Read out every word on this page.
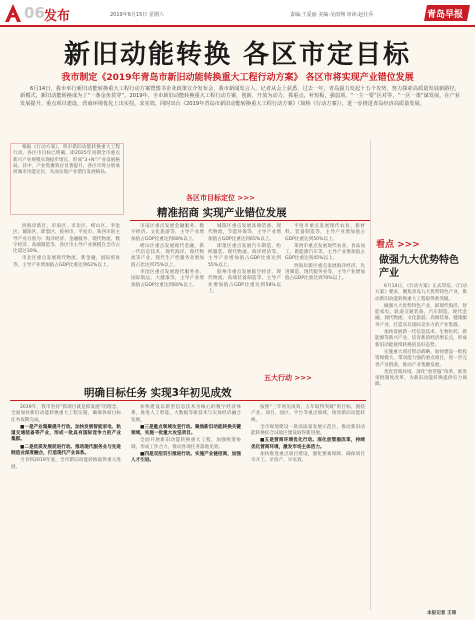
06 发布	2019年6月15日 星期六	责编:王爱丽 美编:吴雨翔 审读:赵仕乔	青岛早报
新旧动能转换 各区市定目标
我市制定《2019年青岛市新旧动能转换重大工程行动方案》 各区市将实现产业错位发展
6月14日，我市举行新旧动能转换重大工程行动方案暨图书企业政策宣介发布会，我市新闻发言人，记者从会上获悉，过去一年，青岛强力发起十五个攻势，努力探索高质量发展新路径，新模式，新旧动能转换成为了“一条金鱼贯穿”。2019年，全市新旧动能转换重大工程行动方案，创新，开放为动力，抓重点，补短板，强弱项，“一主一要”区对等，“一区一策”谋发展，在产业发展提升、重点项目建设，营商环境优化上出实招，求实效，同时出台《2019年青岛市新旧动能转换重大工程行动方案》（简称《行动方案》），进一步推进青岛经济高质量发展。

根据《行动方案》，将市新旧动能转换重大工程行动，各区市目标已明确，即2025年同期全市重点新兴产业规模实现稳步增长，形成“3+N”产业发展格局。其中，产业集聚效应显著提升，各区市将分别承担城市功能定位，从而实现产业错位发展格局。

西海岸新区、市南区、市北区、崂山区、李沧区、城阳区、即墨区、胶州市、平度市、莱西市的主导产业分别为：海洋经济、金融服务、现代物流、数字经济、高端制造等，各区市主导产业规模在全市占比超过30%。

市北区重点发展现代物流、新金融、国际贸易等，主导产业增加值占GDP比重达到62%以上。

各区市目标定位 >>>
精准招商 实现产业错位发展

市南区重点发展金融服务、数字经济、文化旅游等，主导产业增加值占GDP比重达到68%以上。

崂山区重点发展现代金融、新一代信息技术、现代海洋、现代物流等产业，现代生产性服务业增加值占比达到75%以上。

李沧区重点发展现代服务业、国际航运、大健康等，主导产业增加值占GDP比重达到60%以上。

城阳区重点发展高端装备、现代物流、节能环保等，主导产业增加值占GDP比重达到65%以上。

即墨区重点发展汽车制造、纺织服装、现代物流、海洋经济等，主导产业增加值占GDP比重达到55%以上。

胶州市重点发展临空经济、现代物流、高端装备制造等，主导产业增加值占GDP比重达到58%以上。

平度市重点发展现代农业、新材料、装备制造等，主导产业增加值占GDP比重达到50%以上。

莱西市重点发展现代农业、食品加工、新能源汽车等，主导产业增加值占GDP比重达到45%以上。

西海岸新区重点发展海洋经济、先进制造、现代服务业等，主导产业增加值占GDP比重达到70%以上。

看点 >>>
做强九大优势特色产业

6月14日，《行动方案》正式印发。《行动方案》要求，聚焦青岛九大优势特色产业，推动新旧动能转换重大工程取得新突破。

做强九大优势特色产业，即现代海洋、智能家电、轨道交通装备、汽车制造、现代金融、现代物流、文化旅游、高端装备、健康服务产业，打造具有国际竞争力的产业集群。

加快发展新一代信息技术、生物医药、新能源等新兴产业，培育新的经济增长点，形成新旧动能接续转换的良好态势。

实施重大项目带动战略，加快建设一批投资规模大、带动能力强的重点项目，进一步完善产业链条，推动产业集聚发展。

优化营商环境，深化“放管服”改革，推进审批制度改革，为新旧动能转换提供有力保障。

本报记者 王琦
五大行动 >>>
明确目标任务 实现3年初见成效

2019年，我市坚持“抓项目就是抓发展”的理念，全面加快新旧动能转换重大工程实施，确保各项目标任务按期完成。

■一是产业集聚提升行动。加快发展智能家电、轨道交通装备等产业，形成一批具有国际竞争力的产业集群。

■二是优质发展促进行动。推动现代服务业与先进制造业深度融合，打造现代产业体系。

力争到2019年底，全市新旧动能转换取得重大进展。

加快建设以新型信息技术为核心的数字经济体系，推进人工智能、大数据等新技术与实体经济融合发展。

■三是重点领域攻坚行动。聚焦新旧动能转换关键领域，实施一批重大攻坚项目。

全面开展新旧动能转换重大工程，加强统筹协调，形成工作合力，推动各项任务落地见效。

■四是双招双引推进行动。实施产业链招商，加强人才引进。

按照“三年初见成效、五年取得突破”的目标，围绕产业、项目、园区、平台等重点领域，推进新旧动能转换。

全市规划建设一批高质量发展示范区，推动新旧动能转换综合试验区建设取得新进展。

■五是营商环境优化行动。深化放管服改革，持续优化营商环境，激发市场主体活力。

加快推进重点项目建设，强化要素保障，确保项目早开工、早投产、早见效。
